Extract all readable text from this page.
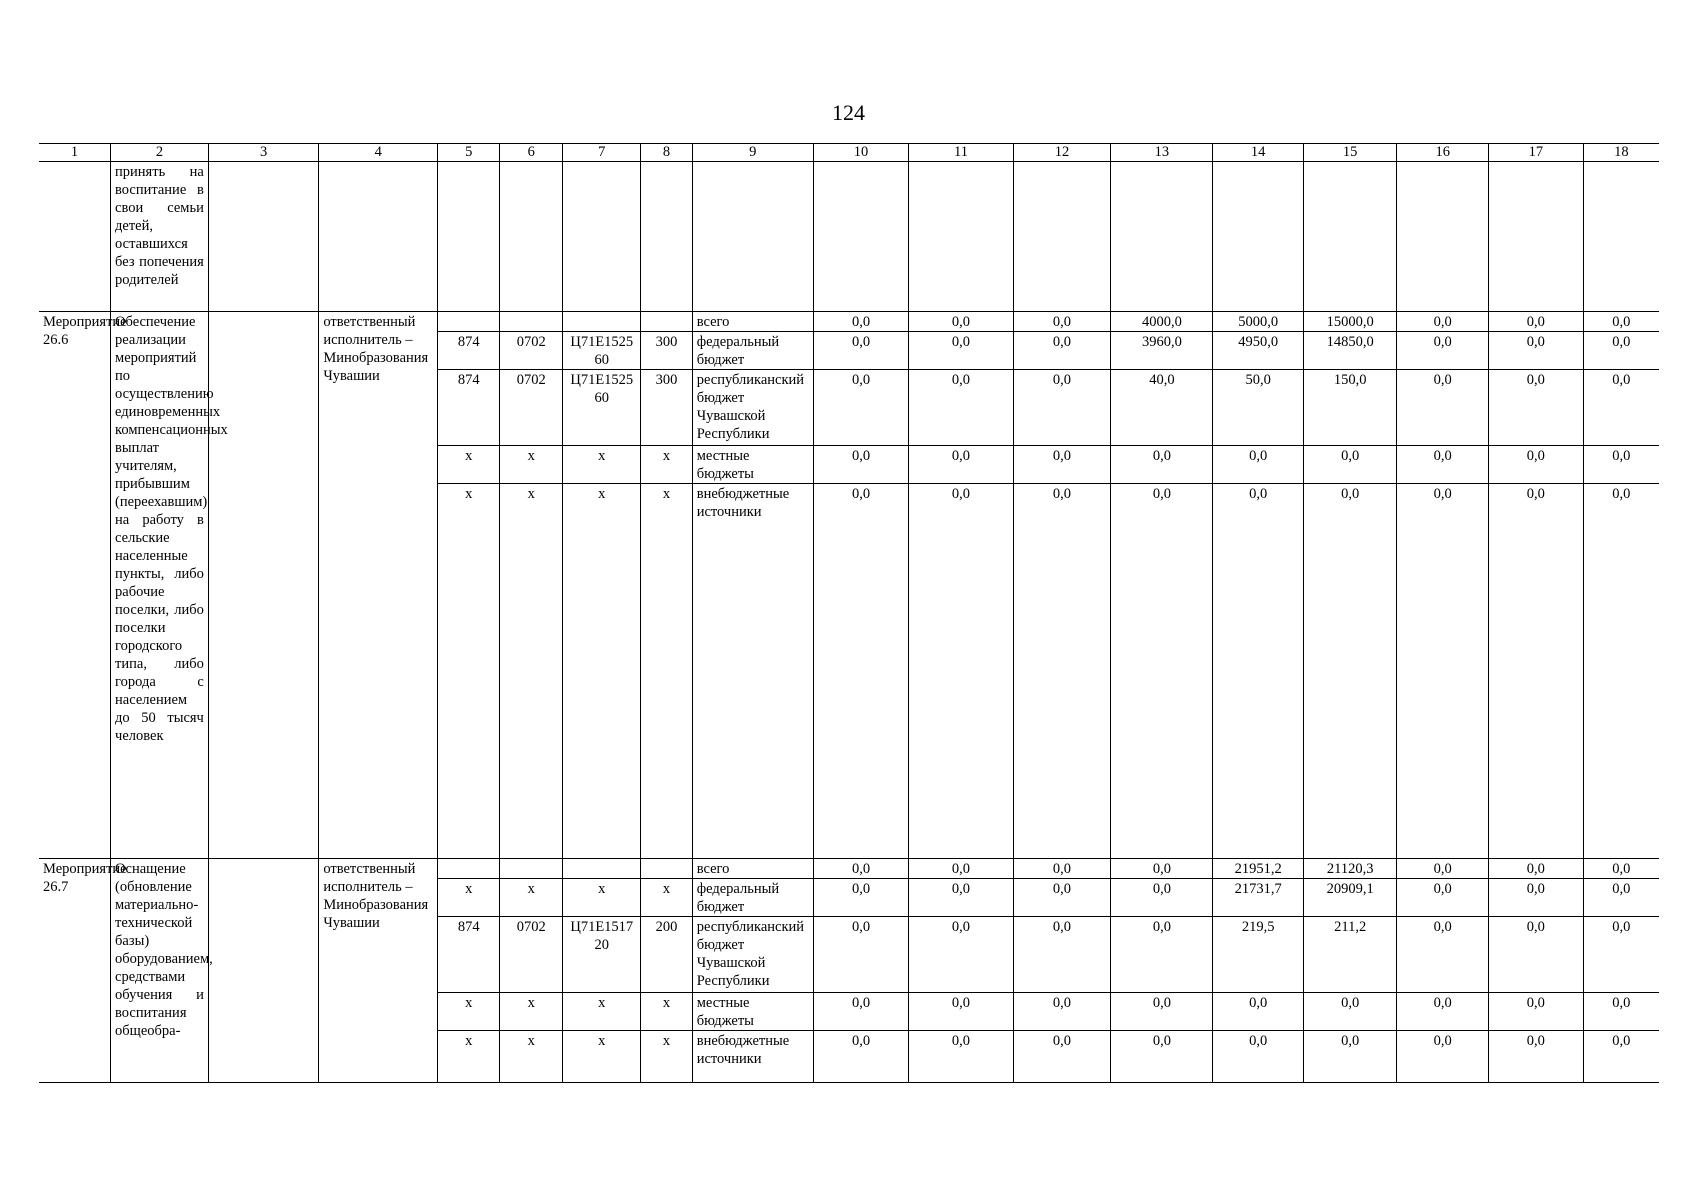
124
1	2	3	4	5	6	7	8	9	10	11	12	13	14	15	16	17	18
	принять на воспитание в свои семьи детей, оставшихся без попечения родителей																
Мероприятие 26.6	Обеспечение реализации мероприятий по осуществлению единовременных компенсационных выплат учителям, прибывшим (переехавшим) на работу в сельские населенные пункты, либо рабочие поселки, либо поселки городского типа, либо города с населением до 50 тысяч человек		ответственный исполнитель – Минобразования Чувашии					всего	0,0	0,0	0,0	4000,0	5000,0	15000,0	0,0	0,0	0,0
				874	0702	Ц71Е152560	300	федеральный бюджет	0,0	0,0	0,0	3960,0	4950,0	14850,0	0,0	0,0	0,0
				874	0702	Ц71Е152560	300	республиканский бюджет Чувашской Республики	0,0	0,0	0,0	40,0	50,0	150,0	0,0	0,0	0,0
				х	х	х	х	местные бюджеты	0,0	0,0	0,0	0,0	0,0	0,0	0,0	0,0	0,0
				х	х	х	х	внебюджетные источники	0,0	0,0	0,0	0,0	0,0	0,0	0,0	0,0	0,0
Мероприятие 26.7	Оснащение (обновление материально-технической базы) оборудованием, средствами обучения и воспитания общеобра-		ответственный исполнитель – Минобразования Чувашии					всего	0,0	0,0	0,0	0,0	21951,2	21120,3	0,0	0,0	0,0
				х	х	х	х	федеральный бюджет	0,0	0,0	0,0	0,0	21731,7	20909,1	0,0	0,0	0,0
				874	0702	Ц71Е151720	200	республиканский бюджет Чувашской Республики	0,0	0,0	0,0	0,0	219,5	211,2	0,0	0,0	0,0
				х	х	х	х	местные бюджеты	0,0	0,0	0,0	0,0	0,0	0,0	0,0	0,0	0,0
				х	х	х	х	внебюджетные источники	0,0	0,0	0,0	0,0	0,0	0,0	0,0	0,0	0,0
